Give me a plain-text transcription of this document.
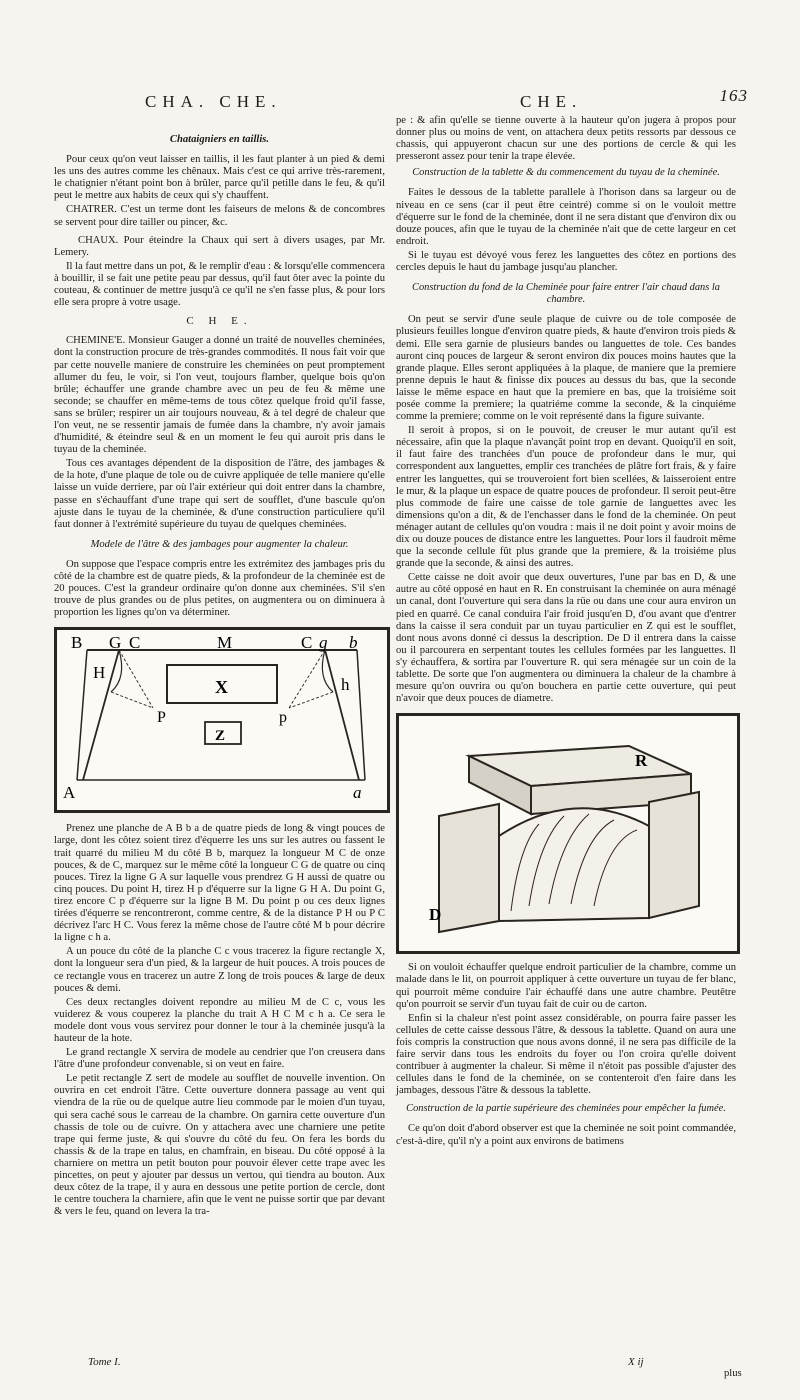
CHA. CHE.	CHE.	163
Chataigniers en taillis.

Pour ceux qu'on veut laisser en taillis, il les faut planter à un pied & demi les uns des autres comme les chênaux. Mais c'est ce qui arrive très-rarement, le chatignier n'étant point bon à brûler, parce qu'il petille dans le feu, & qu'il peut le mettre aux habits de ceux qui s'y chauffent.

CHATRER. C'est un terme dont les faiseurs de melons & de concombres se servent pour dire tailler ou pincer, &c.

CHAUX. Pour éteindre la Chaux qui sert à divers usages, par Mr. Lemery.

Il la faut mettre dans un pot, & le remplir d'eau : & lorsqu'elle commencera à bouillir, il se fait une petite peau par dessus, qu'il faut ôter avec la pointe du couteau, & continuer de mettre jusqu'à ce qu'il ne s'en fasse plus, & pour lors elle sera propre à votre usage.

C H E.

CHEMINE'E. Monsieur Gauger a donné un traité de nouvelles cheminées, dont la construction procure de très-grandes commodités. Il nous fait voir que par cette nouvelle maniere de construire les cheminées on peut promptement allumer du feu, le voir, si l'on veut, toujours flamber, quelque bois qu'on brûle; échauffer une grande chambre avec un peu de feu & même une seconde; se chauffer en même-tems de tous côtez quelque froid qu'il fasse, sans se brûler; respirer un air toujours nouveau, & à tel degré de chaleur que l'on veut, ne se ressentir jamais de fumée dans la chambre, n'y avoir jamais d'humidité, & éteindre seul & en un moment le feu qui auroit pris dans le tuyau de la cheminée.

Tous ces avantages dépendent de la disposition de l'âtre, des jambages & de la hote, d'une plaque de tole ou de cuivre appliquée de telle maniere qu'elle laisse un vuide derriere, par où l'air extérieur qui doit entrer dans la chambre, passe en s'échauffant d'une trape qui sert de soufflet, d'une bascule qu'on ajuste dans le tuyau de la cheminée, & d'une construction particuliere qu'il faut donner à l'extrémité supérieure du tuyau de quelques cheminées.

Modele de l'âtre & des jambages pour augmenter la chaleur.

On suppose que l'espace compris entre les extrémitez des jambages pris du côté de la chambre est de quatre pieds, & la profondeur de la cheminée est de 20 pouces. C'est la grandeur ordinaire qu'on donne aux cheminées. S'il s'en trouve de plus grandes ou de plus petites, on augmentera ou on diminuera à proportion les lignes qu'on va déterminer.

B G C	M	C g b
H
X	h
P	p
Z
A	a

Prenez une planche de A B b a de quatre pieds de long & vingt pouces de large, dont les côtez soient tirez d'équerre les uns sur les autres ou fassent le trait quarré du milieu M du côté B b, marquez la longueur M C de onze pouces, & de C, marquez sur le même côté la longueur C G de quatre ou cinq pouces. Tirez la ligne G A sur laquelle vous prendrez G H aussi de quatre ou cinq pouces. Du point H, tirez H p d'équerre sur la ligne G H A. Du point G, tirez encore C p d'équerre sur la ligne B M. Du point p ou ces deux lignes tirées d'équerre se rencontreront, comme centre, & de la distance P H ou P C décrivez l'arc H C. Vous ferez la même chose de l'autre côté M b pour décrire la ligne c h a.

A un pouce du côté de la planche C c vous tracerez la figure rectangle X, dont la longueur sera d'un pied, & la largeur de huit pouces. A trois pouces de ce rectangle vous en tracerez un autre Z long de trois pouces & large de deux pouces & demi.

Ces deux rectangles doivent repondre au milieu M de C c, vous les vuiderez & vous couperez la planche du trait A H C M c h a. Ce sera le modele dont vous vous servirez pour donner le tour à la cheminée jusqu'à la hauteur de la hote.

Le grand rectangle X servira de modele au cendrier que l'on creusera dans l'âtre d'une profondeur convenable, si on veut en faire.

Le petit rectangle Z sert de modele au soufflet de nouvelle invention. On ouvrira en cet endroit l'âtre. Cette ouverture donnera passage au vent qui viendra de la rüe ou de quelque autre lieu commode par le moien d'un tuyau, qui sera caché sous le carreau de la chambre. On garnira cette ouverture d'un chassis de tole ou de cuivre. On y attachera avec une charniere une petite trape qui ferme juste, & qui s'ouvre du côté du feu. On fera les bords du chassis & de la trape en talus, en chamfrain, en biseau. Du côté opposé à la charniere on mettra un petit bouton pour pouvoir élever cette trape avec les pincettes, on peut y ajouter par dessus un vertou, qui tiendra au bouton. Aux deux côtez de la trape, il y aura en dessous une petite portion de cercle, dont le centre touchera la charniere, afin que le vent ne puisse sortir que par devant & vers le feu, quand on levera la tra-

pe : & afin qu'elle se tienne ouverte à la hauteur qu'on jugera à propos pour donner plus ou moins de vent, on attachera deux petits ressorts par dessous ce chassis, qui appuyeront chacun sur une des portions de cercle & qui les presseront assez pour tenir la trape élevée.

Construction de la tablette & du commencement du tuyau de la cheminée.

Faites le dessous de la tablette parallele à l'horison dans sa largeur ou de niveau en ce sens (car il peut être ceintré) comme si on le vouloit mettre d'équerre sur le fond de la cheminée, dont il ne sera distant que d'environ dix ou douze pouces, afin que le tuyau de la cheminée n'ait que de cette largeur en cet endroit.

Si le tuyau est dévoyé vous ferez les languettes des côtez en portions des cercles depuis le haut du jambage jusqu'au plancher.

Construction du fond de la Cheminée pour faire entrer l'air chaud dans la chambre.

On peut se servir d'une seule plaque de cuivre ou de tole composée de plusieurs feuilles longue d'environ quatre pieds, & haute d'environ trois pieds & demi. Elle sera garnie de plusieurs bandes ou languettes de tole. Ces bandes auront cinq pouces de largeur & seront environ dix pouces moins hautes que la grande plaque. Elles seront appliquées à la plaque, de maniere que la premiere prenne depuis le haut & finisse dix pouces au dessus du bas, que la seconde laisse le même espace en haut que la premiere en bas, que la troisiéme soit posée comme la premiere; la quatriéme comme la seconde, & la cinquiéme comme la premiere; comme on le voit représenté dans la figure suivante.

Il seroit à propos, si on le pouvoit, de creuser le mur autant qu'il est nécessaire, afin que la plaque n'avançât point trop en devant. Quoiqu'il en soit, il faut faire des tranchées d'un pouce de profondeur dans le mur, qui correspondent aux languettes, emplir ces tranchées de plâtre fort frais, & y faire entrer les languettes, qui se trouveroient fort bien scellées, & laisseroient entre le mur, & la plaque un espace de quatre pouces de profondeur. Il seroit peut-être plus commode de faire une caisse de tole garnie de languettes avec les dimensions qu'on a dit, & de l'enchasser dans le fond de la cheminée. On peut ménager autant de cellules qu'on voudra : mais il ne doit point y avoir moins de dix ou douze pouces de distance entre les languettes. Pour lors il faudroit même que la seconde cellule fût plus grande que la premiere, & la troisiéme plus grande que la seconde, & ainsi des autres.

Cette caisse ne doit avoir que deux ouvertures, l'une par bas en D, & une autre au côté opposé en haut en R. En construisant la cheminée on aura ménagé un canal, dont l'ouverture qui sera dans la rüe ou dans une cour aura environ un pied en quarré. Ce canal conduira l'air froid jusqu'en D, d'ou avant que d'entrer dans la caisse il sera conduit par un tuyau particulier en Z qui est le soufflet, dont nous avons donné ci dessus la description. De D il entrera dans la caisse ou il parcourera en serpentant toutes les cellules formées par les languettes. Il s'y échauffera, & sortira par l'ouverture R. qui sera ménagée sur un coin de la tablette. De sorte que l'on augmentera ou diminuera la chaleur de la chambre à mesure qu'on ouvrira ou qu'on bouchera en partie cette ouverture, qui peut n'avoir que deux pouces de diametre.

R
D

Si on vouloit échauffer quelque endroit particulier de la chambre, comme un malade dans le lit, on pourroit appliquer à cette ouverture un tuyau de fer blanc, qui pourroit même conduire l'air échauffé dans une autre chambre. Peutêtre qu'on pourroit se servir d'un tuyau fait de cuir ou de carton.

Enfin si la chaleur n'est point assez considérable, on pourra faire passer les cellules de cette caisse dessous l'âtre, & dessous la tablette. Quand on aura une fois compris la construction que nous avons donné, il ne sera pas difficile de la faire servir dans tous les endroits du foyer ou l'on croira qu'elle doivent contribuer à augmenter la chaleur. Si même il n'étoit pas possible d'ajuster des cellules dans le fond de la cheminée, on se contenteroit d'en faire dans les jambages, dessous l'âtre & dessous la tablette.

Construction de la partie supérieure des cheminées pour empêcher la fumée.

Ce qu'on doit d'abord observer est que la cheminée ne soit point commandée, c'est-à-dire, qu'il n'y a point aux environs de batimens

Tome I.	X ij
plus
